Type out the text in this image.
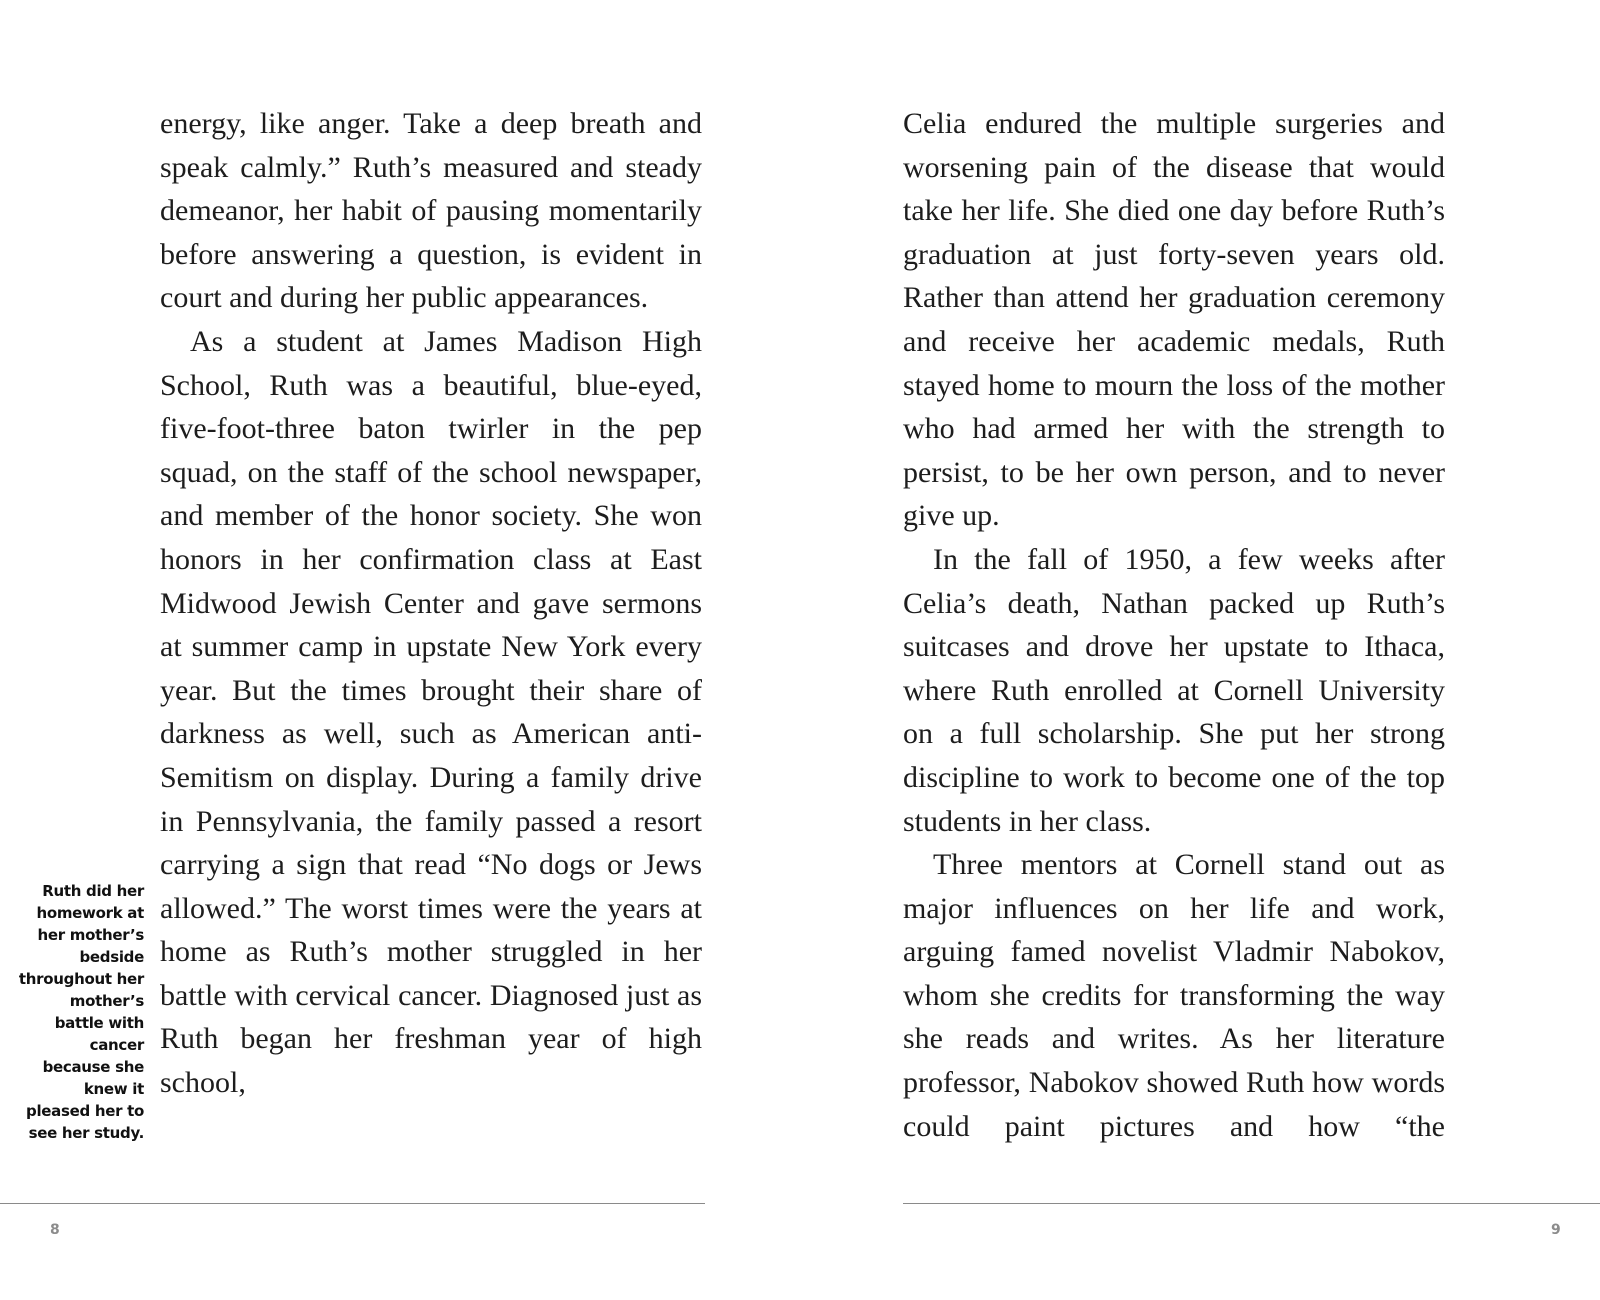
energy, like anger. Take a deep breath and speak calmly.” Ruth’s measured and steady demeanor, her habit of pausing momentarily before answering a question, is evident in court and during her public appearances.

As a student at James Madison High School, Ruth was a beautiful, blue-eyed, five-foot-three baton twirler in the pep squad, on the staff of the school newspaper, and member of the honor society. She won honors in her confirmation class at East Midwood Jewish Center and gave sermons at summer camp in upstate New York every year. But the times brought their share of darkness as well, such as American anti-Semitism on display. During a family drive in Pennsylvania, the family passed a resort carrying a sign that read “No dogs or Jews allowed.” The worst times were the years at home as Ruth’s mother struggled in her battle with cervical cancer. Diagnosed just as Ruth began her freshman year of high school,

Ruth did her homework at her mother’s bedside throughout her mother’s battle with cancer because she knew it pleased her to see her study.
8

Celia endured the multiple surgeries and worsening pain of the disease that would take her life. She died one day before Ruth’s graduation at just forty-seven years old. Rather than attend her graduation ceremony and receive her academic medals, Ruth stayed home to mourn the loss of the mother who had armed her with the strength to persist, to be her own person, and to never give up.

In the fall of 1950, a few weeks after Celia’s death, Nathan packed up Ruth’s suitcases and drove her upstate to Ithaca, where Ruth enrolled at Cornell University on a full scholarship. She put her strong discipline to work to become one of the top students in her class.

Three mentors at Cornell stand out as major influences on her life and work, arguing famed novelist Vladmir Nabokov, whom she credits for transforming the way she reads and writes. As her literature professor, Nabokov showed Ruth how words could paint pictures and how “the

9
